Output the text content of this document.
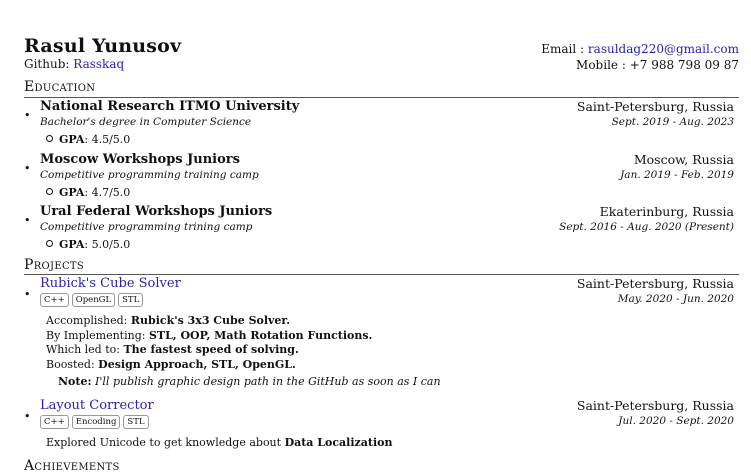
Rasul Yunusov
Github: Rasskaq
Email : rasuldag220@gmail.com
Mobile : +7 988 798 09 87
Education
•
National Research ITMO University	Saint-Petersburg, Russia
Bachelor's degree in Computer Science	Sept. 2019 - Aug. 2023
GPA: 4.5/5.0
•
Moscow Workshops Juniors	Moscow, Russia
Competitive programming training camp	Jan. 2019 - Feb. 2019
GPA: 4.7/5.0
•
Ural Federal Workshops Juniors	Ekaterinburg, Russia
Competitive programming trining camp	Sept. 2016 - Aug. 2020 (Present)
GPA: 5.0/5.0
Projects
•
Rubick's Cube Solver	Saint-Petersburg, Russia
C++	OpenGL	STL	May. 2020 - Jun. 2020
Accomplished: Rubick's 3x3 Cube Solver.
By Implementing: STL, OOP, Math Rotation Functions.
Which led to: The fastest speed of solving.
Boosted: Design Approach, STL, OpenGL.
Note: I'll publish graphic design path in the GitHub as soon as I can
•
Layout Corrector	Saint-Petersburg, Russia
C++	Encoding	STL	Jul. 2020 - Sept. 2020
Explored Unicode to get knowledge about Data Localization
Achievements
